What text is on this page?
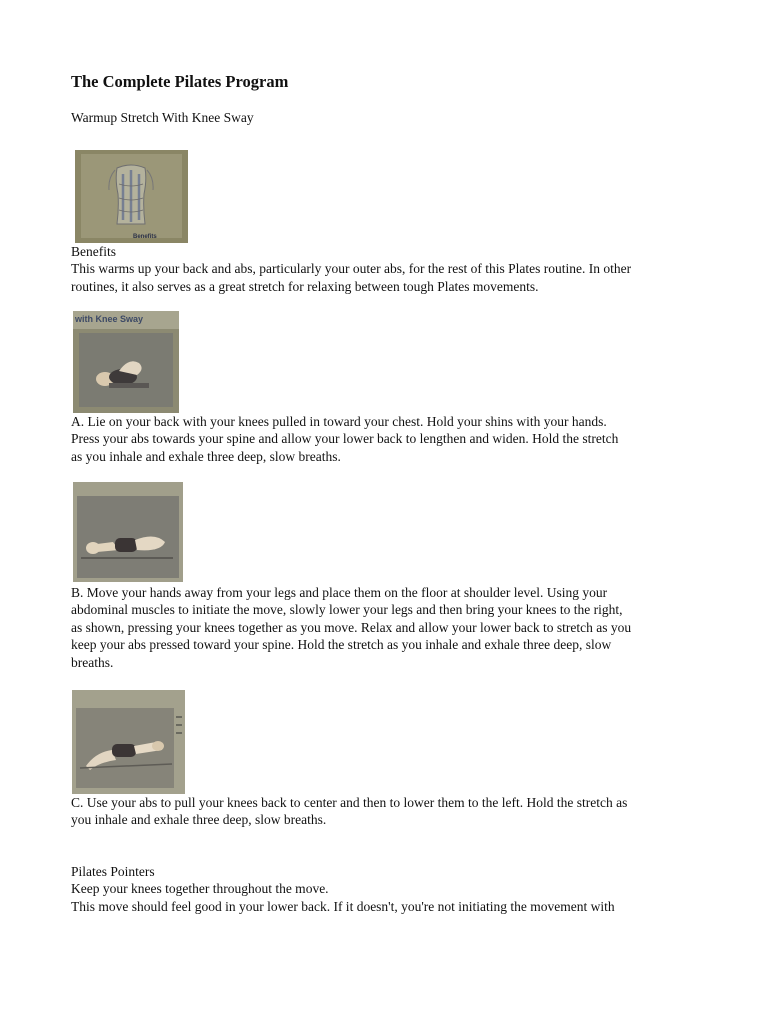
The Complete Pilates Program
Warmup Stretch With Knee Sway
Benefits
Benefits
This warms up your back and abs, particularly your outer abs, for the rest of this Plates routine. In other
routines, it also serves as a great stretch for relaxing between tough Plates movements.
with Knee Sway
A. Lie on your back with your knees pulled in toward your chest. Hold your shins with your hands.
Press your abs towards your spine and allow your lower back to lengthen and widen. Hold the stretch
as you inhale and exhale three deep, slow breaths.
B. Move your hands away from your legs and place them on the floor at shoulder level. Using your
abdominal muscles to initiate the move, slowly lower your legs and then bring your knees to the right,
as shown, pressing your knees together as you move. Relax and allow your lower back to stretch as you
keep your abs pressed toward your spine. Hold the stretch as you inhale and exhale three deep, slow
breaths.
C. Use your abs to pull your knees back to center and then to lower them to the left. Hold the stretch as
you inhale and exhale three deep, slow breaths.
Pilates Pointers
Keep your knees together throughout the move.
This move should feel good in your lower back. If it doesn't, you're not initiating the movement with
